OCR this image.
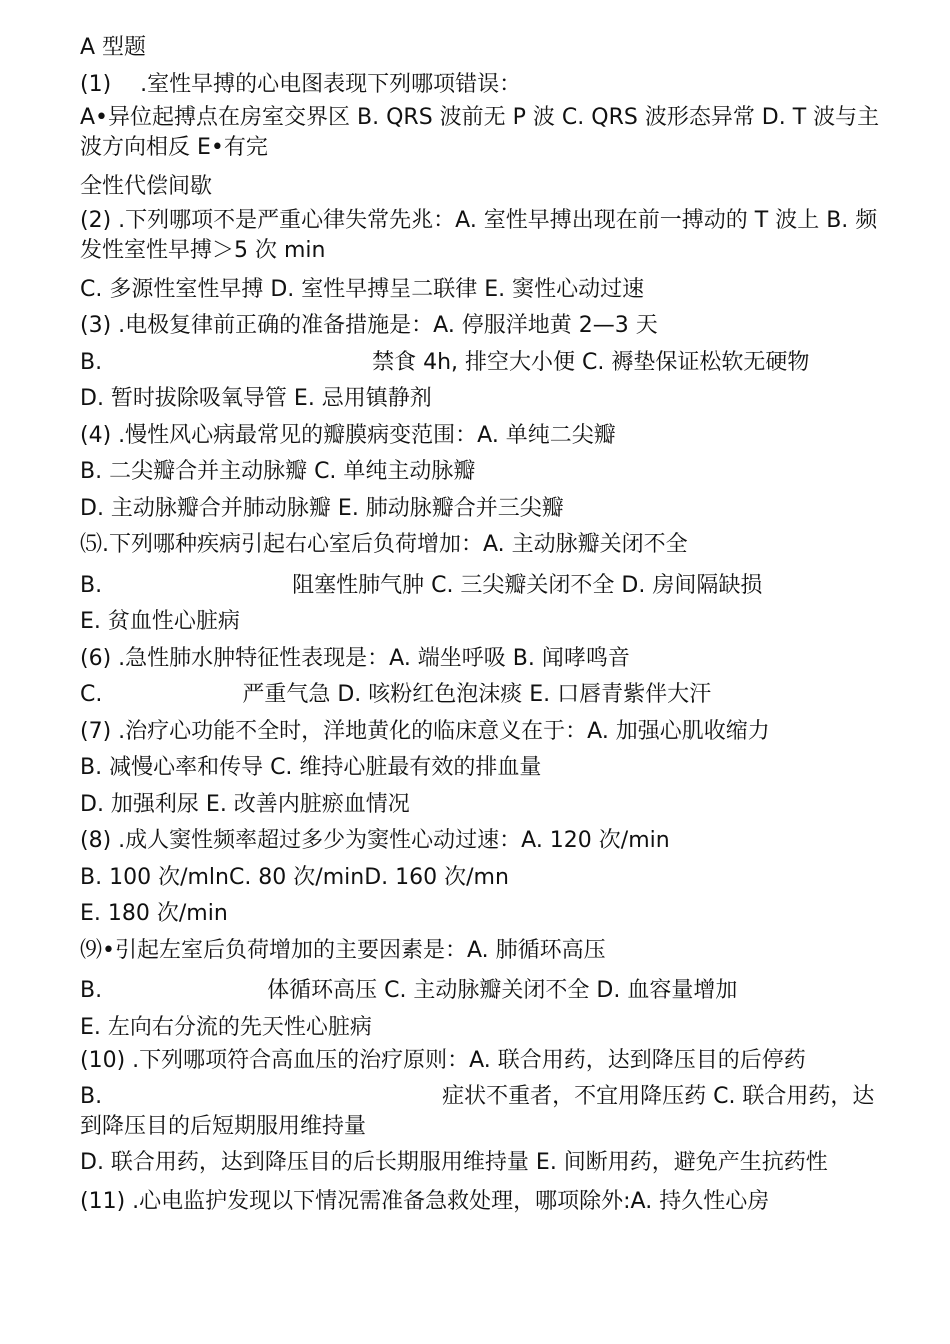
A 型题
(1)　 .室性早搏的心电图表现下列哪项错误：
A•异位起搏点在房室交界区 B. QRS 波前无 P 波 C. QRS 波形态异常 D. T 波与主波方向相反 E•有完
全性代偿间歇
(2) .下列哪项不是严重心律失常先兆：A. 室性早搏出现在前一搏动的 T 波上 B. 频发性室性早搏＞5 次 min
C. 多源性室性早搏 D. 室性早搏呈二联律 E. 窦性心动过速
(3) .电极复律前正确的准备措施是：A. 停服洋地黄 2—3 天
B.	禁食 4h, 排空大小便 C. 褥垫保证松软无硬物
D. 暂时拔除吸氧导管 E. 忌用镇静剂
(4) .慢性风心病最常见的瓣膜病变范围：A. 单纯二尖瓣
B. 二尖瓣合并主动脉瓣 C. 单纯主动脉瓣
D. 主动脉瓣合并肺动脉瓣 E. 肺动脉瓣合并三尖瓣
⑸.下列哪种疾病引起右心室后负荷增加：A. 主动脉瓣关闭不全
B.	阻塞性肺气肿 C. 三尖瓣关闭不全 D. 房间隔缺损
E. 贫血性心脏病
(6) .急性肺水肿特征性表现是：A. 端坐呼吸 B. 闻哮鸣音
C.	严重气急 D. 咳粉红色泡沫痰 E. 口唇青紫伴大汗
(7) .治疗心功能不全时，洋地黄化的临床意义在于：A. 加强心肌收缩力
B. 减慢心率和传导 C. 维持心脏最有效的排血量
D. 加强利尿 E. 改善内脏瘀血情况
(8) .成人窦性频率超过多少为窦性心动过速：A. 120 次/min
B. 100 次/mlnC. 80 次/minD. 160 次/mn
E. 180 次/min
⑼•引起左室后负荷增加的主要因素是：A. 肺循环高压
B.	体循环高压 C. 主动脉瓣关闭不全 D. 血容量增加
E. 左向右分流的先天性心脏病
(10) .下列哪项符合高血压的治疗原则：A. 联合用药，达到降压目的后停药
B.	症状不重者，不宜用降压药 C. 联合用药，达到降压目的后短期服用维持量
D. 联合用药，达到降压目的后长期服用维持量 E. 间断用药，避免产生抗药性
(11) .心电监护发现以下情况需准备急救处理，哪项除外:A. 持久性心房
